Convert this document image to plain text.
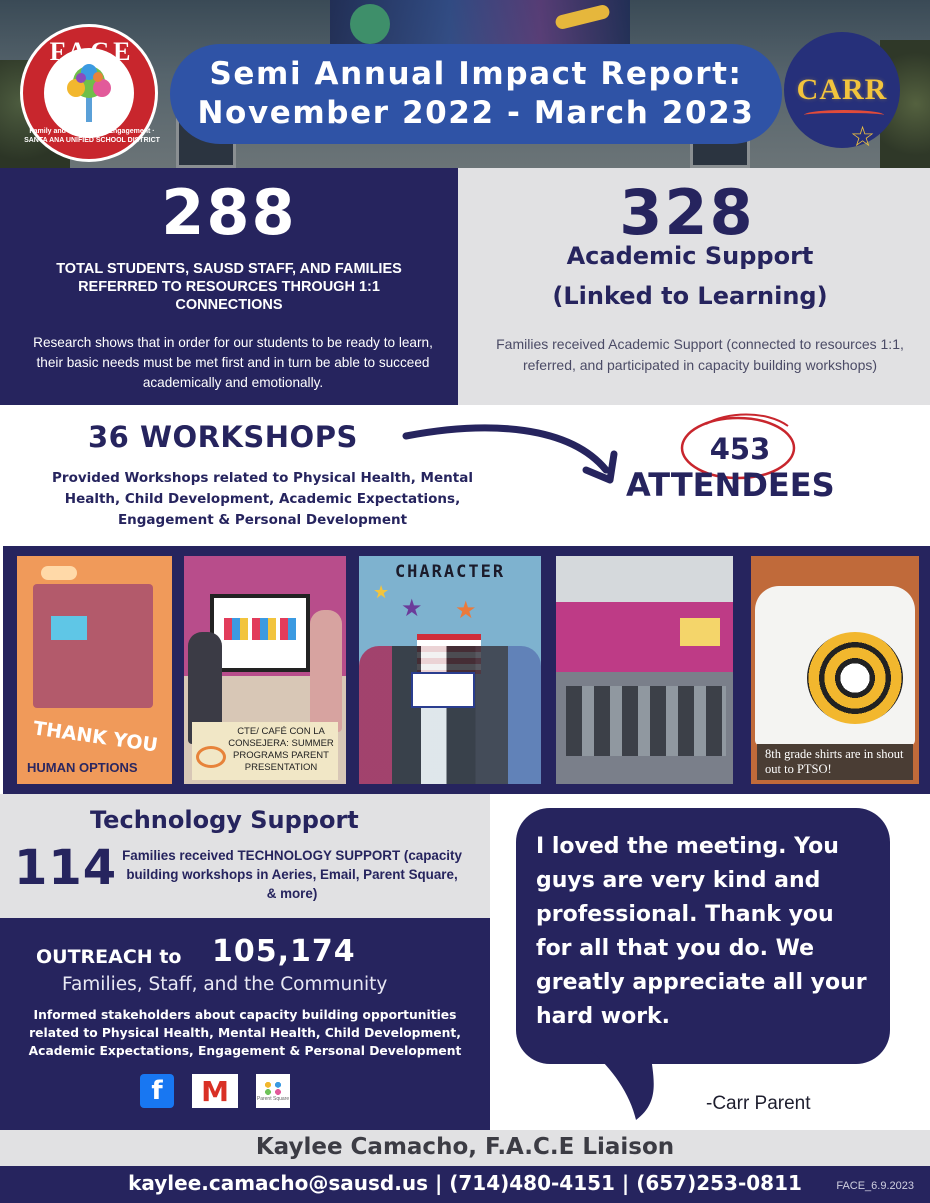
Semi Annual Impact Report:
November 2022 - March 2023
FACE
Family and Community Engagement · SANTA ANA UNIFIED SCHOOL DISTRICT
CARR
☆
288
TOTAL STUDENTS, SAUSD STAFF, AND FAMILIES REFERRED TO RESOURCES THROUGH 1:1 CONNECTIONS
Research shows that in order for our students to be ready to learn, their basic needs must be met first and in turn be able to succeed academically and emotionally.
328
Academic Support
(Linked to Learning)
Families received Academic Support (connected to resources 1:1, referred, and participated in capacity building workshops)
36 WORKSHOPS
Provided Workshops related to Physical Health, Mental Health, Child Development, Academic Expectations, Engagement & Personal Development
453
ATTENDEES
THANK YOU
HUMAN OPTIONS
CTE/ CAFÉ CON LA CONSEJERA: SUMMER PROGRAMS PARENT PRESENTATION
CHARACTER
★
★ ★
8th grade shirts are in shout out to PTSO!
Technology Support
114 Families received TECHNOLOGY SUPPORT (capacity building workshops in Aeries, Email, Parent Square, & more)
OUTREACH to 105,174
Families, Staff, and the Community
Informed stakeholders about capacity building opportunities related to Physical Health, Mental Health, Child Development, Academic Expectations, Engagement & Personal Development
f	M	Parent Square
I loved the meeting. You guys are very kind and professional. Thank you for all that you do. We greatly appreciate all your hard work.
-Carr Parent
Kaylee Camacho, F.A.C.E Liaison
kaylee.camacho@sausd.us | (714)480-4151 | (657)253-0811	FACE_6.9.2023
